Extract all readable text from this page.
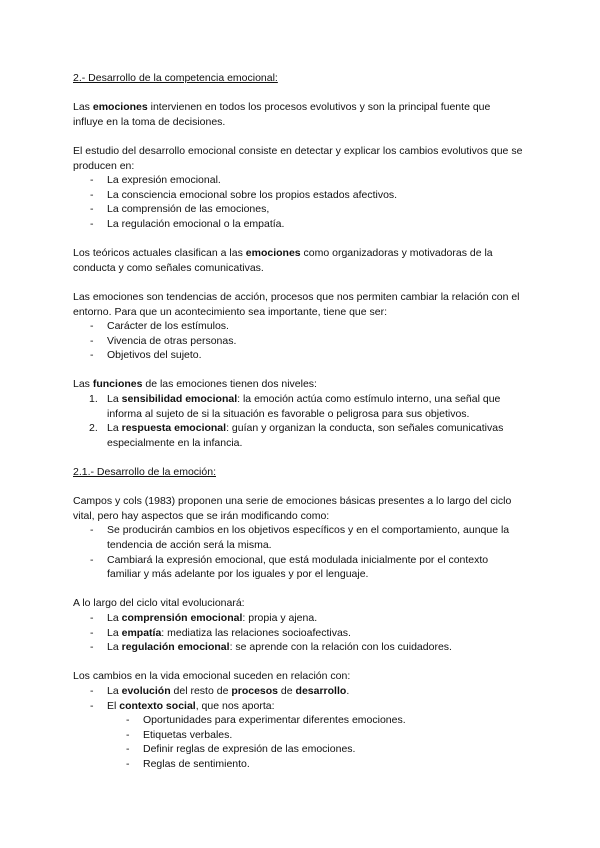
2.- Desarrollo de la competencia emocional:

Las emociones intervienen en todos los procesos evolutivos y son la principal fuente que influye en la toma de decisiones.

El estudio del desarrollo emocional consiste en detectar y explicar los cambios evolutivos que se producen en:

- La expresión emocional.
- La consciencia emocional sobre los propios estados afectivos.
- La comprensión de las emociones,
- La regulación emocional o la empatía.

Los teóricos actuales clasifican a las emociones como organizadoras y motivadoras de la conducta y como señales comunicativas.

Las emociones son tendencias de acción, procesos que nos permiten cambiar la relación con el entorno. Para que un acontecimiento sea importante, tiene que ser:

- Carácter de los estímulos.
- Vivencia de otras personas.
- Objetivos del sujeto.

Las funciones de las emociones tienen dos niveles:

1. La sensibilidad emocional: la emoción actúa como estímulo interno, una señal que informa al sujeto de si la situación es favorable o peligrosa para sus objetivos.
2. La respuesta emocional: guían y organizan la conducta, son señales comunicativas especialmente en la infancia.

2.1.- Desarrollo de la emoción:

Campos y cols (1983) proponen una serie de emociones básicas presentes a lo largo del ciclo vital, pero hay aspectos que se irán modificando como:

- Se producirán cambios en los objetivos específicos y en el comportamiento, aunque la tendencia de acción será la misma.
- Cambiará la expresión emocional, que está modulada inicialmente por el contexto familiar y más adelante por los iguales y por el lenguaje.

A lo largo del ciclo vital evolucionará:

- La comprensión emocional: propia y ajena.
- La empatía: mediatiza las relaciones socioafectivas.
- La regulación emocional: se aprende con la relación con los cuidadores.

Los cambios en la vida emocional suceden en relación con:

- La evolución del resto de procesos de desarrollo.
- El contexto social, que nos aporta:
- Oportunidades para experimentar diferentes emociones.
- Etiquetas verbales.
- Definir reglas de expresión de las emociones.
- Reglas de sentimiento.
